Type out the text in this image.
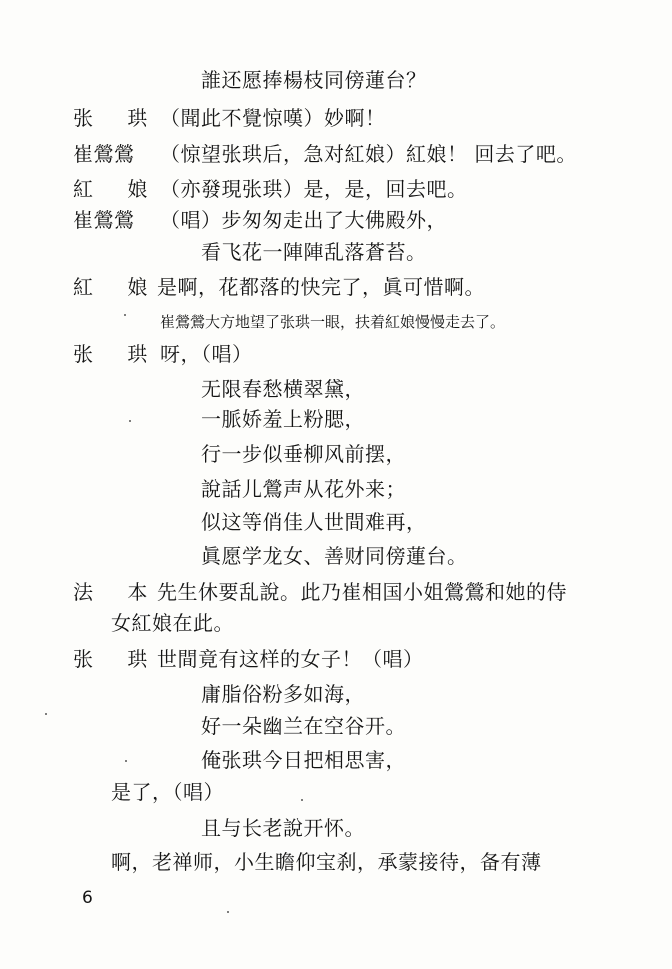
誰还愿捧楊枝同傍蓮台？

张 珙

（聞此不覺惊嘆）妙啊！

崔鶯鶯 （惊望张珙后，急对紅娘）紅娘！ 回去了吧。

紅 娘

（亦發現张珙）是，是，回去吧。

崔鶯鶯 （唱）步匆匆走出了大佛殿外，

看飞花一陣陣乱落蒼苔。

紅 娘

是啊，花都落的快完了，眞可惜啊。

崔鶯鶯大方地望了张珙一眼，扶着紅娘慢慢走去了。

张 珙

呀，（唱）

无限春愁横翠黛，

一脈娇羞上粉腮，

行一步似垂柳风前摆，

說話儿鶯声从花外来；

似这等俏佳人世間难再，

眞愿学龙女、善财同傍蓮台。

法 本

先生休要乱說。此乃崔相国小姐鶯鶯和她的侍

女紅娘在此。

张 珙

世間竟有这样的女子！（唱）

庸脂俗粉多如海，

好一朵幽兰在空谷开。

俺张珙今日把相思害，

是了，（唱）

且与长老說开怀。

啊，老禅师，小生瞻仰宝刹，承蒙接待，备有薄

6
